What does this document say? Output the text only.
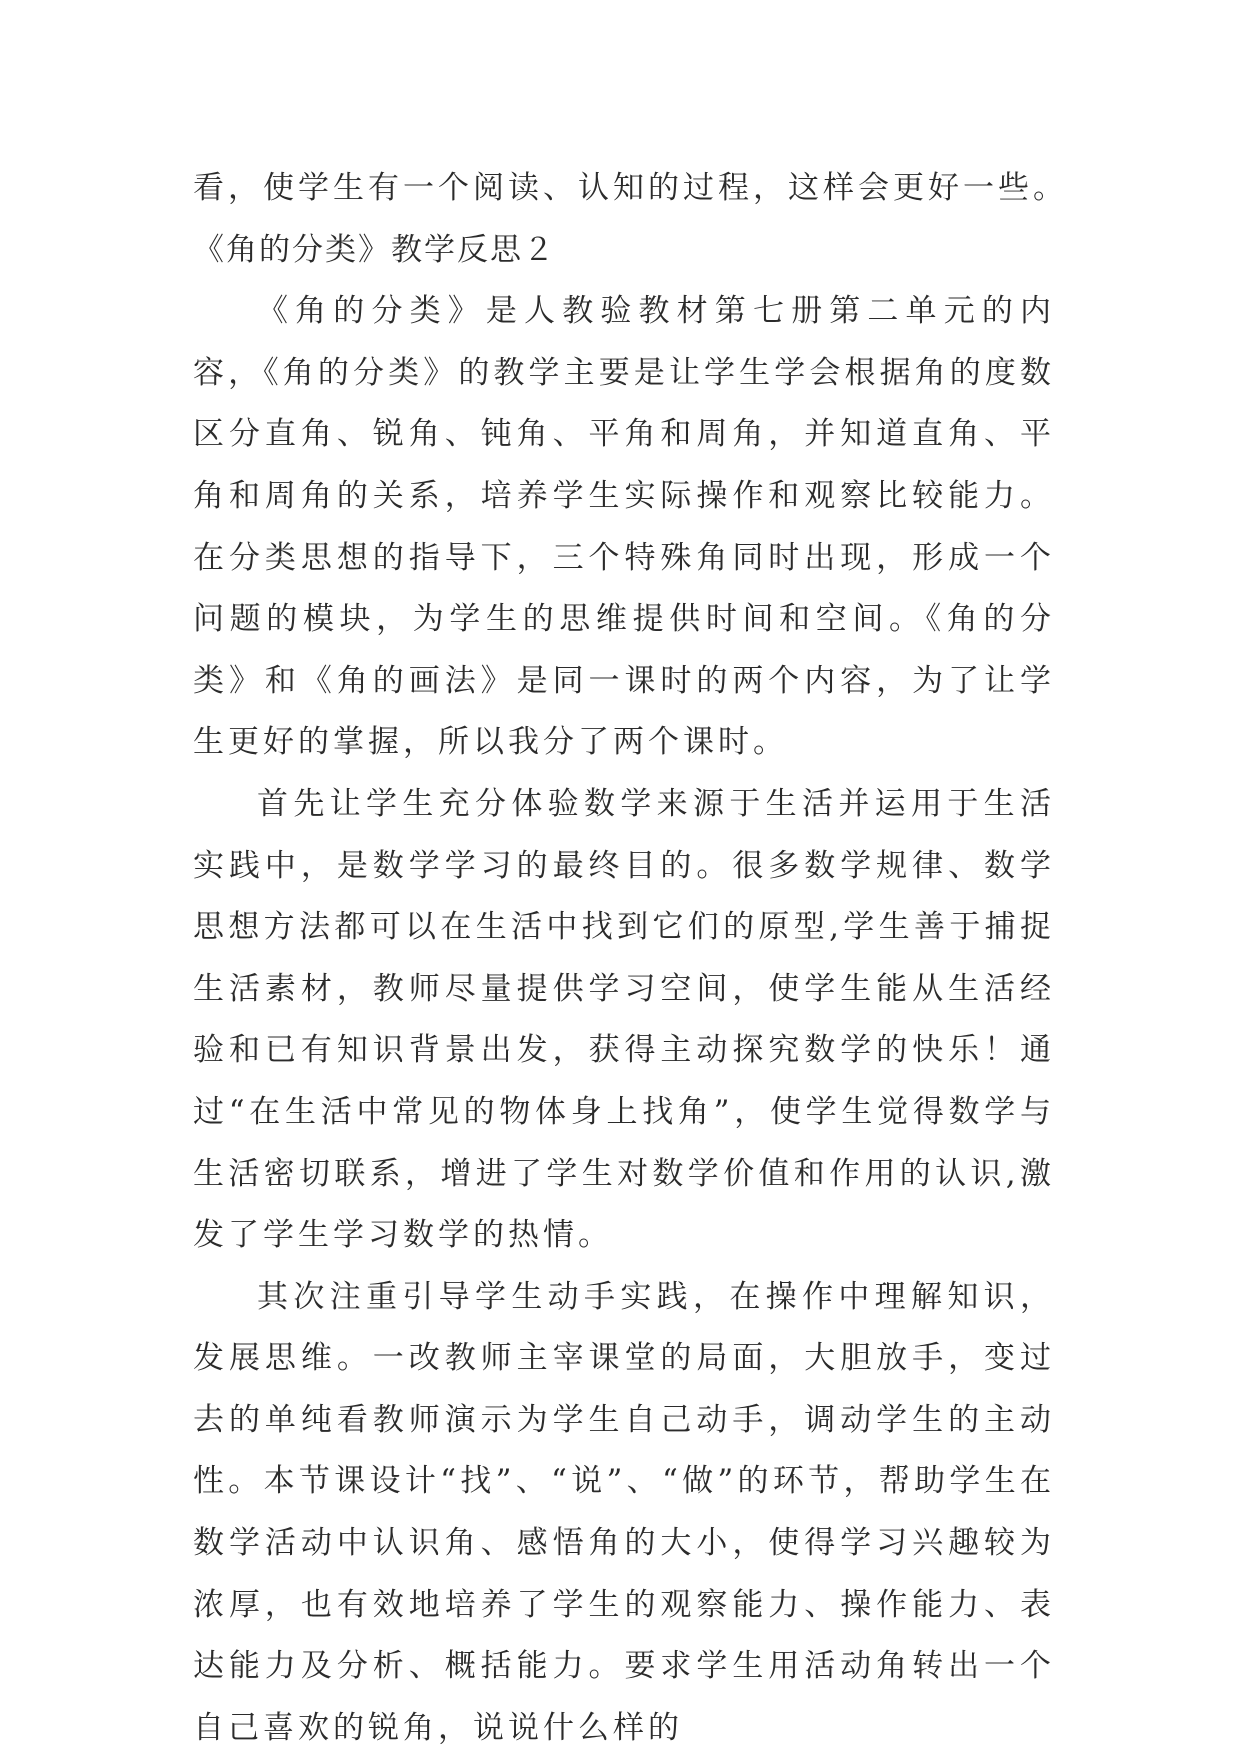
看，使学生有一个阅读、认知的过程，这样会更好一些。

《角的分类》教学反思２

《角的分类》是人教验教材第七册第二单元的内容，《角的分类》的教学主要是让学生学会根据角的度数区分直角、锐角、钝角、平角和周角，并知道直角、平角和周角的关系，培养学生实际操作和观察比较能力。在分类思想的指导下，三个特殊角同时出现，形成一个问题的模块，为学生的思维提供时间和空间。《角的分类》和《角的画法》是同一课时的两个内容，为了让学生更好的掌握，所以我分了两个课时。

首先让学生充分体验数学来源于生活并运用于生活实践中，是数学学习的最终目的。很多数学规律、数学思想方法都可以在生活中找到它们的原型,学生善于捕捉生活素材，教师尽量提供学习空间，使学生能从生活经验和已有知识背景出发，获得主动探究数学的快乐！通过“在生活中常见的物体身上找角”，使学生觉得数学与生活密切联系，增进了学生对数学价值和作用的认识,激发了学生学习数学的热情。

其次注重引导学生动手实践，在操作中理解知识，发展思维。一改教师主宰课堂的局面，大胆放手，变过去的单纯看教师演示为学生自己动手，调动学生的主动性。本节课设计“找”、“说”、“做”的环节，帮助学生在数学活动中认识角、感悟角的大小，使得学习兴趣较为浓厚，也有效地培养了学生的观察能力、操作能力、表达能力及分析、概括能力。要求学生用活动角转出一个自己喜欢的锐角，说说什么样的
